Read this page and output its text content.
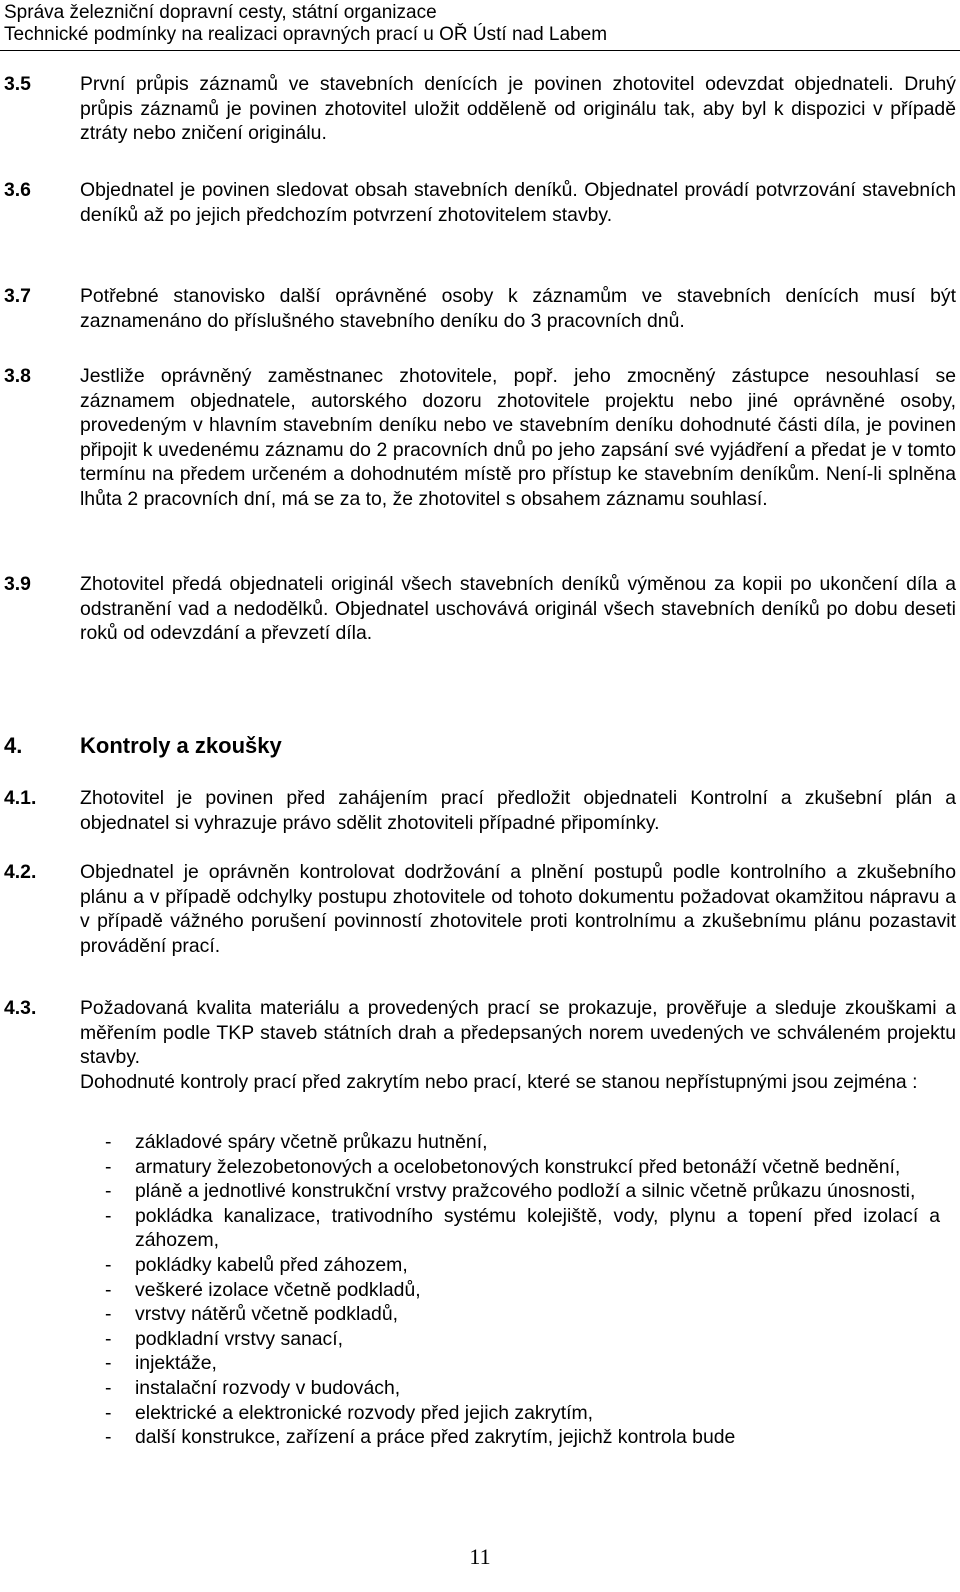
Správa železniční dopravní cesty, státní organizace
Technické podmínky na realizaci opravných prací u OŘ Ústí nad Labem
3.5	První průpis záznamů ve stavebních denících je povinen zhotovitel odevzdat objednateli. Druhý průpis záznamů je povinen zhotovitel uložit odděleně od originálu tak, aby byl k dispozici v případě ztráty nebo zničení originálu.
3.6	Objednatel je povinen sledovat obsah stavebních deníků. Objednatel provádí potvrzování stavebních deníků až po jejich předchozím potvrzení zhotovitelem stavby.
3.7	Potřebné stanovisko další oprávněné osoby k záznamům ve stavebních denících musí být zaznamenáno do příslušného stavebního deníku do 3 pracovních dnů.
3.8	Jestliže oprávněný zaměstnanec zhotovitele, popř. jeho zmocněný zástupce nesouhlasí se záznamem objednatele, autorského dozoru zhotovitele projektu nebo jiné oprávněné osoby, provedeným v hlavním stavebním deníku nebo ve stavebním deníku dohodnuté části díla, je povinen připojit k uvedenému záznamu do 2 pracovních dnů po jeho zapsání své vyjádření a předat je v tomto termínu na předem určeném a dohodnutém místě pro přístup ke stavebním deníkům. Není-li splněna lhůta 2 pracovních dní, má se za to, že zhotovitel s obsahem záznamu souhlasí.
3.9	Zhotovitel předá objednateli originál všech stavebních deníků výměnou za kopii po ukončení díla a odstranění vad a nedodělků. Objednatel uschovává originál všech stavebních deníků po dobu deseti roků od odevzdání a převzetí díla.
4.	Kontroly a zkoušky
4.1. Zhotovitel je povinen před zahájením prací předložit objednateli Kontrolní a zkušební plán a objednatel si vyhrazuje právo sdělit zhotoviteli případné připomínky.
4.2. Objednatel je oprávněn kontrolovat dodržování a plnění postupů podle kontrolního a zkušebního plánu a v případě odchylky postupu zhotovitele od tohoto dokumentu požadovat okamžitou nápravu a v případě vážného porušení povinností zhotovitele proti kontrolnímu a zkušebnímu plánu pozastavit provádění prací.
4.3. Požadovaná kvalita materiálu a provedených prací se prokazuje, prověřuje a sleduje zkouškami a měřením podle TKP staveb státních drah a předepsaných norem uvedených ve schváleném projektu stavby.
Dohodnuté kontroly prací před zakrytím nebo prací, které se stanou nepřístupnými jsou zejména :
- základové spáry včetně průkazu hutnění,
- armatury železobetonových a ocelobetonových konstrukcí před betonáží včetně bednění,
- pláně a jednotlivé konstrukční vrstvy pražcového podloží a silnic včetně průkazu únosnosti,
- pokládka kanalizace, trativodního systému kolejiště, vody, plynu a topení před izolací a záhozem,
- pokládky kabelů před záhozem,
- veškeré izolace včetně podkladů,
- vrstvy nátěrů včetně podkladů,
- podkladní vrstvy sanací,
- injektáže,
- instalační rozvody v budovách,
- elektrické a elektronické rozvody před jejich zakrytím,
- další konstrukce, zařízení a práce před zakrytím, jejichž kontrola bude
11
